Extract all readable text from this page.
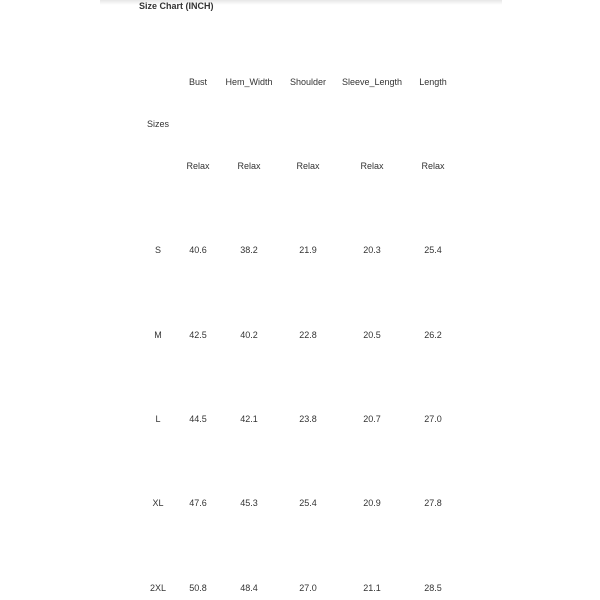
Size Chart (INCH)
Bust Hem_Width Shoulder Sleeve_Length Length
Sizes
Relax	Relax	Relax	Relax	Relax
S	40.6	38.2	21.9	20.3	25.4
M	42.5	40.2	22.8	20.5	26.2
L	44.5	42.1	23.8	20.7	27.0
XL	47.6	45.3	25.4	20.9	27.8
2XL	50.8	48.4	27.0	21.1	28.5
